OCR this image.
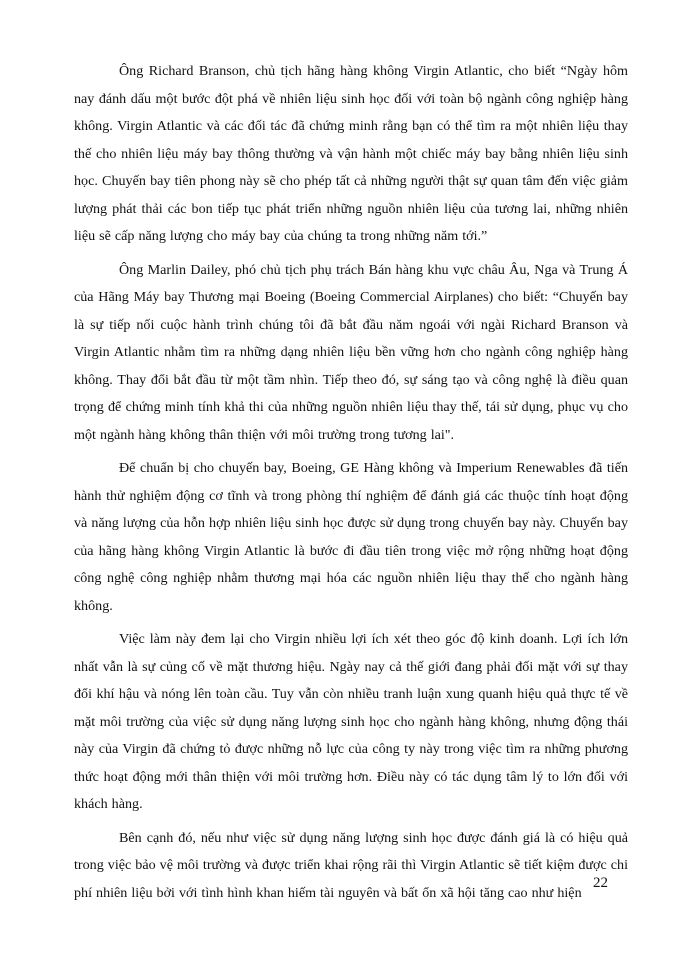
Ông Richard Branson, chủ tịch hãng hàng không Virgin Atlantic, cho biết “Ngày hôm nay đánh dấu một bước đột phá về nhiên liệu sinh học đối với toàn bộ ngành công nghiệp hàng không. Virgin Atlantic và các đối tác đã chứng minh rằng bạn có thể tìm ra một nhiên liệu thay thế cho nhiên liệu máy bay thông thường và vận hành một chiếc máy bay bằng nhiên liệu sinh học. Chuyến bay tiên phong này sẽ cho phép tất cả những người thật sự quan tâm đến việc giảm lượng phát thải các bon tiếp tục phát triển những nguồn nhiên liệu của tương lai, những nhiên liệu sẽ cấp năng lượng cho máy bay của chúng ta trong những năm tới.”

Ông Marlin Dailey, phó chủ tịch phụ trách Bán hàng khu vực châu Âu, Nga và Trung Á của Hãng Máy bay Thương mại Boeing (Boeing Commercial Airplanes) cho biết: “Chuyến bay là sự tiếp nối cuộc hành trình chúng tôi đã bắt đầu năm ngoái với ngài Richard Branson và Virgin Atlantic nhằm tìm ra những dạng nhiên liệu bền vững hơn cho ngành công nghiệp hàng không. Thay đổi bắt đầu từ một tầm nhìn. Tiếp theo đó, sự sáng tạo và công nghệ là điều quan trọng để chứng minh tính khả thi của những nguồn nhiên liệu thay thế, tái sử dụng, phục vụ cho một ngành hàng không thân thiện với môi trường trong tương lai".

Để chuẩn bị cho chuyến bay, Boeing, GE Hàng không và Imperium Renewables đã tiến hành thử nghiệm động cơ tĩnh và trong phòng thí nghiệm để đánh giá các thuộc tính hoạt động và năng lượng của hỗn hợp nhiên liệu sinh học được sử dụng trong chuyến bay này. Chuyến bay của hãng hàng không Virgin Atlantic là bước đi đầu tiên trong việc mở rộng những hoạt động công nghệ công nghiệp nhằm thương mại hóa các nguồn nhiên liệu thay thế cho ngành hàng không.

Việc làm này đem lại cho Virgin nhiều lợi ích xét theo góc độ kinh doanh. Lợi ích lớn nhất vẫn là sự củng cố về mặt thương hiệu. Ngày nay cả thế giới đang phải đối mặt với sự thay đổi khí hậu và nóng lên toàn cầu. Tuy vẫn còn nhiều tranh luận xung quanh hiệu quả thực tế về mặt môi trường của việc sử dụng năng lượng sinh học cho ngành hàng không, nhưng động thái này của Virgin đã chứng tỏ được những nỗ lực của công ty này trong việc tìm ra những phương thức hoạt động mới thân thiện với môi trường hơn. Điều này có tác dụng tâm lý to lớn đối với khách hàng.

Bên cạnh đó, nếu như việc sử dụng năng lượng sinh học được đánh giá là có hiệu quả trong việc bảo vệ môi trường và được triển khai rộng rãi thì Virgin Atlantic sẽ tiết kiệm được chi phí nhiên liệu bởi với tình hình khan hiếm tài nguyên và bất ổn xã hội tăng cao như hiện

22
